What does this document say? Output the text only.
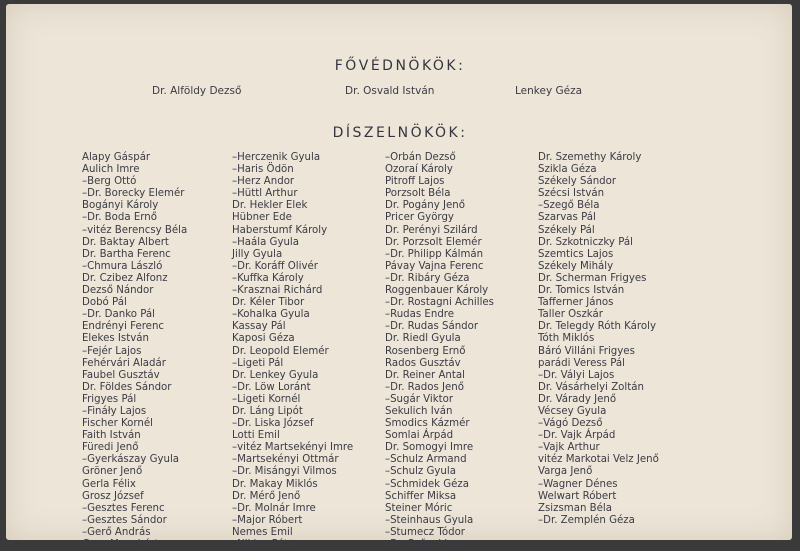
FŐVÉDNÖKÖK:
Dr. Alföldy Dezső	Dr. Osvald István	Lenkey Géza
DÍSZELNÖKÖK:
Alapy Gáspár
Aulich Imre
–Berg Ottó
–Dr. Borecky Elemér
Bogányi Károly
–Dr. Boda Ernő
–vitéz Berencsy Béla
Dr. Baktay Albert
Dr. Bartha Ferenc
–Chmura László
Dr. Czibez Alfonz
Dezső Nándor
Dobó Pál
–Dr. Danko Pál
Endrényi Ferenc
Elekes István
–Fejér Lajos
Fehérvári Aladár
Faubel Gusztáv
Dr. Földes Sándor
Frigyes Pál
–Fináły Lajos
Fischer Kornél
Faith István
Füredi Jenő
–Gyerkászay Gyula
Gröner Jenő
Gerla Félix
Grosz József
–Gesztes Ferenc
–Gesztes Sándor
–Gerő András
Gran Menyhért
–Herczenik Gyula
–Haris Ödön
–Herz Andor
–Hüttl Arthur
Dr. Hekler Elek
Hübner Ede
Haberstumf Károly
–Haála Gyula
Jilly Gyula
–Dr. Koráff Olivér
–Kuffka Károly
–Krasznai Richárd
Dr. Kéler Tibor
–Kohalka Gyula
Kassay Pál
Kaposi Géza
Dr. Leopold Elemér
–Ligeti Pál
Dr. Lenkey Gyula
–Dr. Löw Loránt
–Ligeti Kornél
Dr. Láng Lipót
–Dr. Liska József
Lotti Emil
–vitéz Martsekényi Imre
–Martsekényi Ottmár
–Dr. Misángyi Vilmos
Dr. Makay Miklós
Dr. Mérő Jenő
–Dr. Molnár Imre
–Major Róbert
Nemes Emil
–Niklay Péter
–Orbán Dezső
Ozoraí Károly
Pitroff Lajos
Porzsolt Béla
Dr. Pogány Jenő
Pricer György
Dr. Perényi Szilárd
Dr. Porzsolt Elemér
–Dr. Philipp Kálmán
Pávay Vajna Ferenc
–Dr. Ribáry Géza
Roggenbauer Károly
–Dr. Rostagni Achilles
–Rudas Endre
–Dr. Rudas Sándor
Dr. Riedl Gyula
Rosenberg Ernő
Rados Gusztáv
Dr. Reiner Antal
–Dr. Rados Jenő
–Sugár Viktor
Sekulich Iván
Smodics Kázmér
Somlai Árpád
Dr. Somogyi Imre
–Schulz Armand
–Schulz Gyula
–Schmidek Géza
Schiffer Miksa
Steiner Móric
–Steinhaus Gyula
–Stumecz Tódor
–Dr. Szőgyi Imre
Dr. Szemethy Károly
Szikla Géza
Székely Sándor
Szécsi István
–Szegő Béla
Szarvas Pál
Székely Pál
Dr. Szkotniczky Pál
Szemtics Lajos
Székely Mihály
Dr. Scherman Frigyes
Dr. Tomics István
Tafferner János
Taller Oszkár
Dr. Telegdy Róth Károly
Tóth Miklós
Báró Villáni Frigyes
parádi Veress Pál
–Dr. Vályi Lajos
Dr. Vásárhelyi Zoltán
Dr. Várady Jenő
Vécsey Gyula
–Vágó Dezső
–Dr. Vajk Árpád
–Vajk Arthur
vitéz Markotai Velz Jenő
Varga Jenő
–Wagner Dénes
Welwart Róbert
Zsizsman Béla
–Dr. Zemplén Géza
